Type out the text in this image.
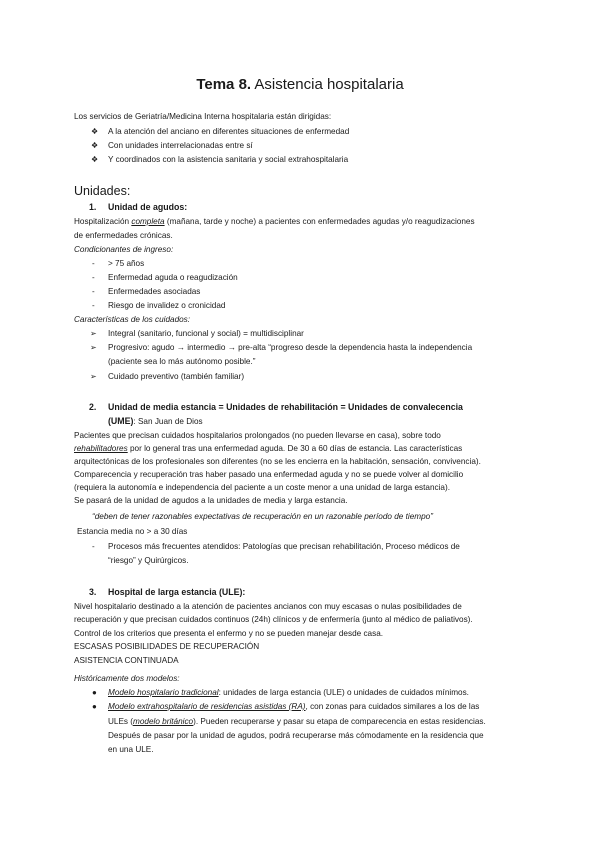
Tema 8. Asistencia hospitalaria
Los servicios de Geriatría/Medicina Interna hospitalaria están dirigidas:
❖ A la atención del anciano en diferentes situaciones de enfermedad
❖ Con unidades interrelacionadas entre sí
❖ Y coordinados con la asistencia sanitaria y social extrahospitalaria
Unidades:
1. Unidad de agudos:
Hospitalización completa (mañana, tarde y noche) a pacientes con enfermedades agudas y/o reagudizaciones
de enfermedades crónicas.
Condicionantes de ingreso:
- > 75 años
- Enfermedad aguda o reagudización
- Enfermedades asociadas
- Riesgo de invalidez o cronicidad
Características de los cuidados:
➢ Integral (sanitario, funcional y social) = multidisciplinar
➢ Progresivo: agudo → intermedio → pre-alta “progreso desde la dependencia hasta la independencia
(paciente sea lo más autónomo posible.”
➢ Cuidado preventivo (también familiar)
2. Unidad de media estancia = Unidades de rehabilitación = Unidades de convalecencia
(UME): San Juan de Dios
Pacientes que precisan cuidados hospitalarios prolongados (no pueden llevarse en casa), sobre todo
rehabilitadores por lo general tras una enfermedad aguda. De 30 a 60 días de estancia. Las características
arquitectónicas de los profesionales son diferentes (no se les encierra en la habitación, sensación, convivencia).
Comparecencia y recuperación tras haber pasado una enfermedad aguda y no se puede volver al domicilio
(requiera la autonomía e independencia del paciente a un coste menor a una unidad de larga estancia).
Se pasará de la unidad de agudos a la unidades de media y larga estancia.
“deben de tener razonables expectativas de recuperación en un razonable período de tiempo”
Estancia media no > a 30 días
- Procesos más frecuentes atendidos: Patologías que precisan rehabilitación, Proceso médicos de
“riesgo” y Quirúrgicos.
3. Hospital de larga estancia (ULE):
Nivel hospitalario destinado a la atención de pacientes ancianos con muy escasas o nulas posibilidades de
recuperación y que precisan cuidados continuos (24h) clínicos y de enfermería (junto al médico de paliativos).
Control de los criterios que presenta el enfermo y no se pueden manejar desde casa.
ESCASAS POSIBILIDADES DE RECUPERACIÓN
ASISTENCIA CONTINUADA
Históricamente dos modelos:
● Modelo hospitalario tradicional: unidades de larga estancia (ULE) o unidades de cuidados mínimos.
● Modelo extrahospitalario de residencias asistidas (RA), con zonas para cuidados similares a los de las
ULEs (modelo británico). Pueden recuperarse y pasar su etapa de comparecencia en estas residencias.
Después de pasar por la unidad de agudos, podrá recuperarse más cómodamente en la residencia que
en una ULE.
